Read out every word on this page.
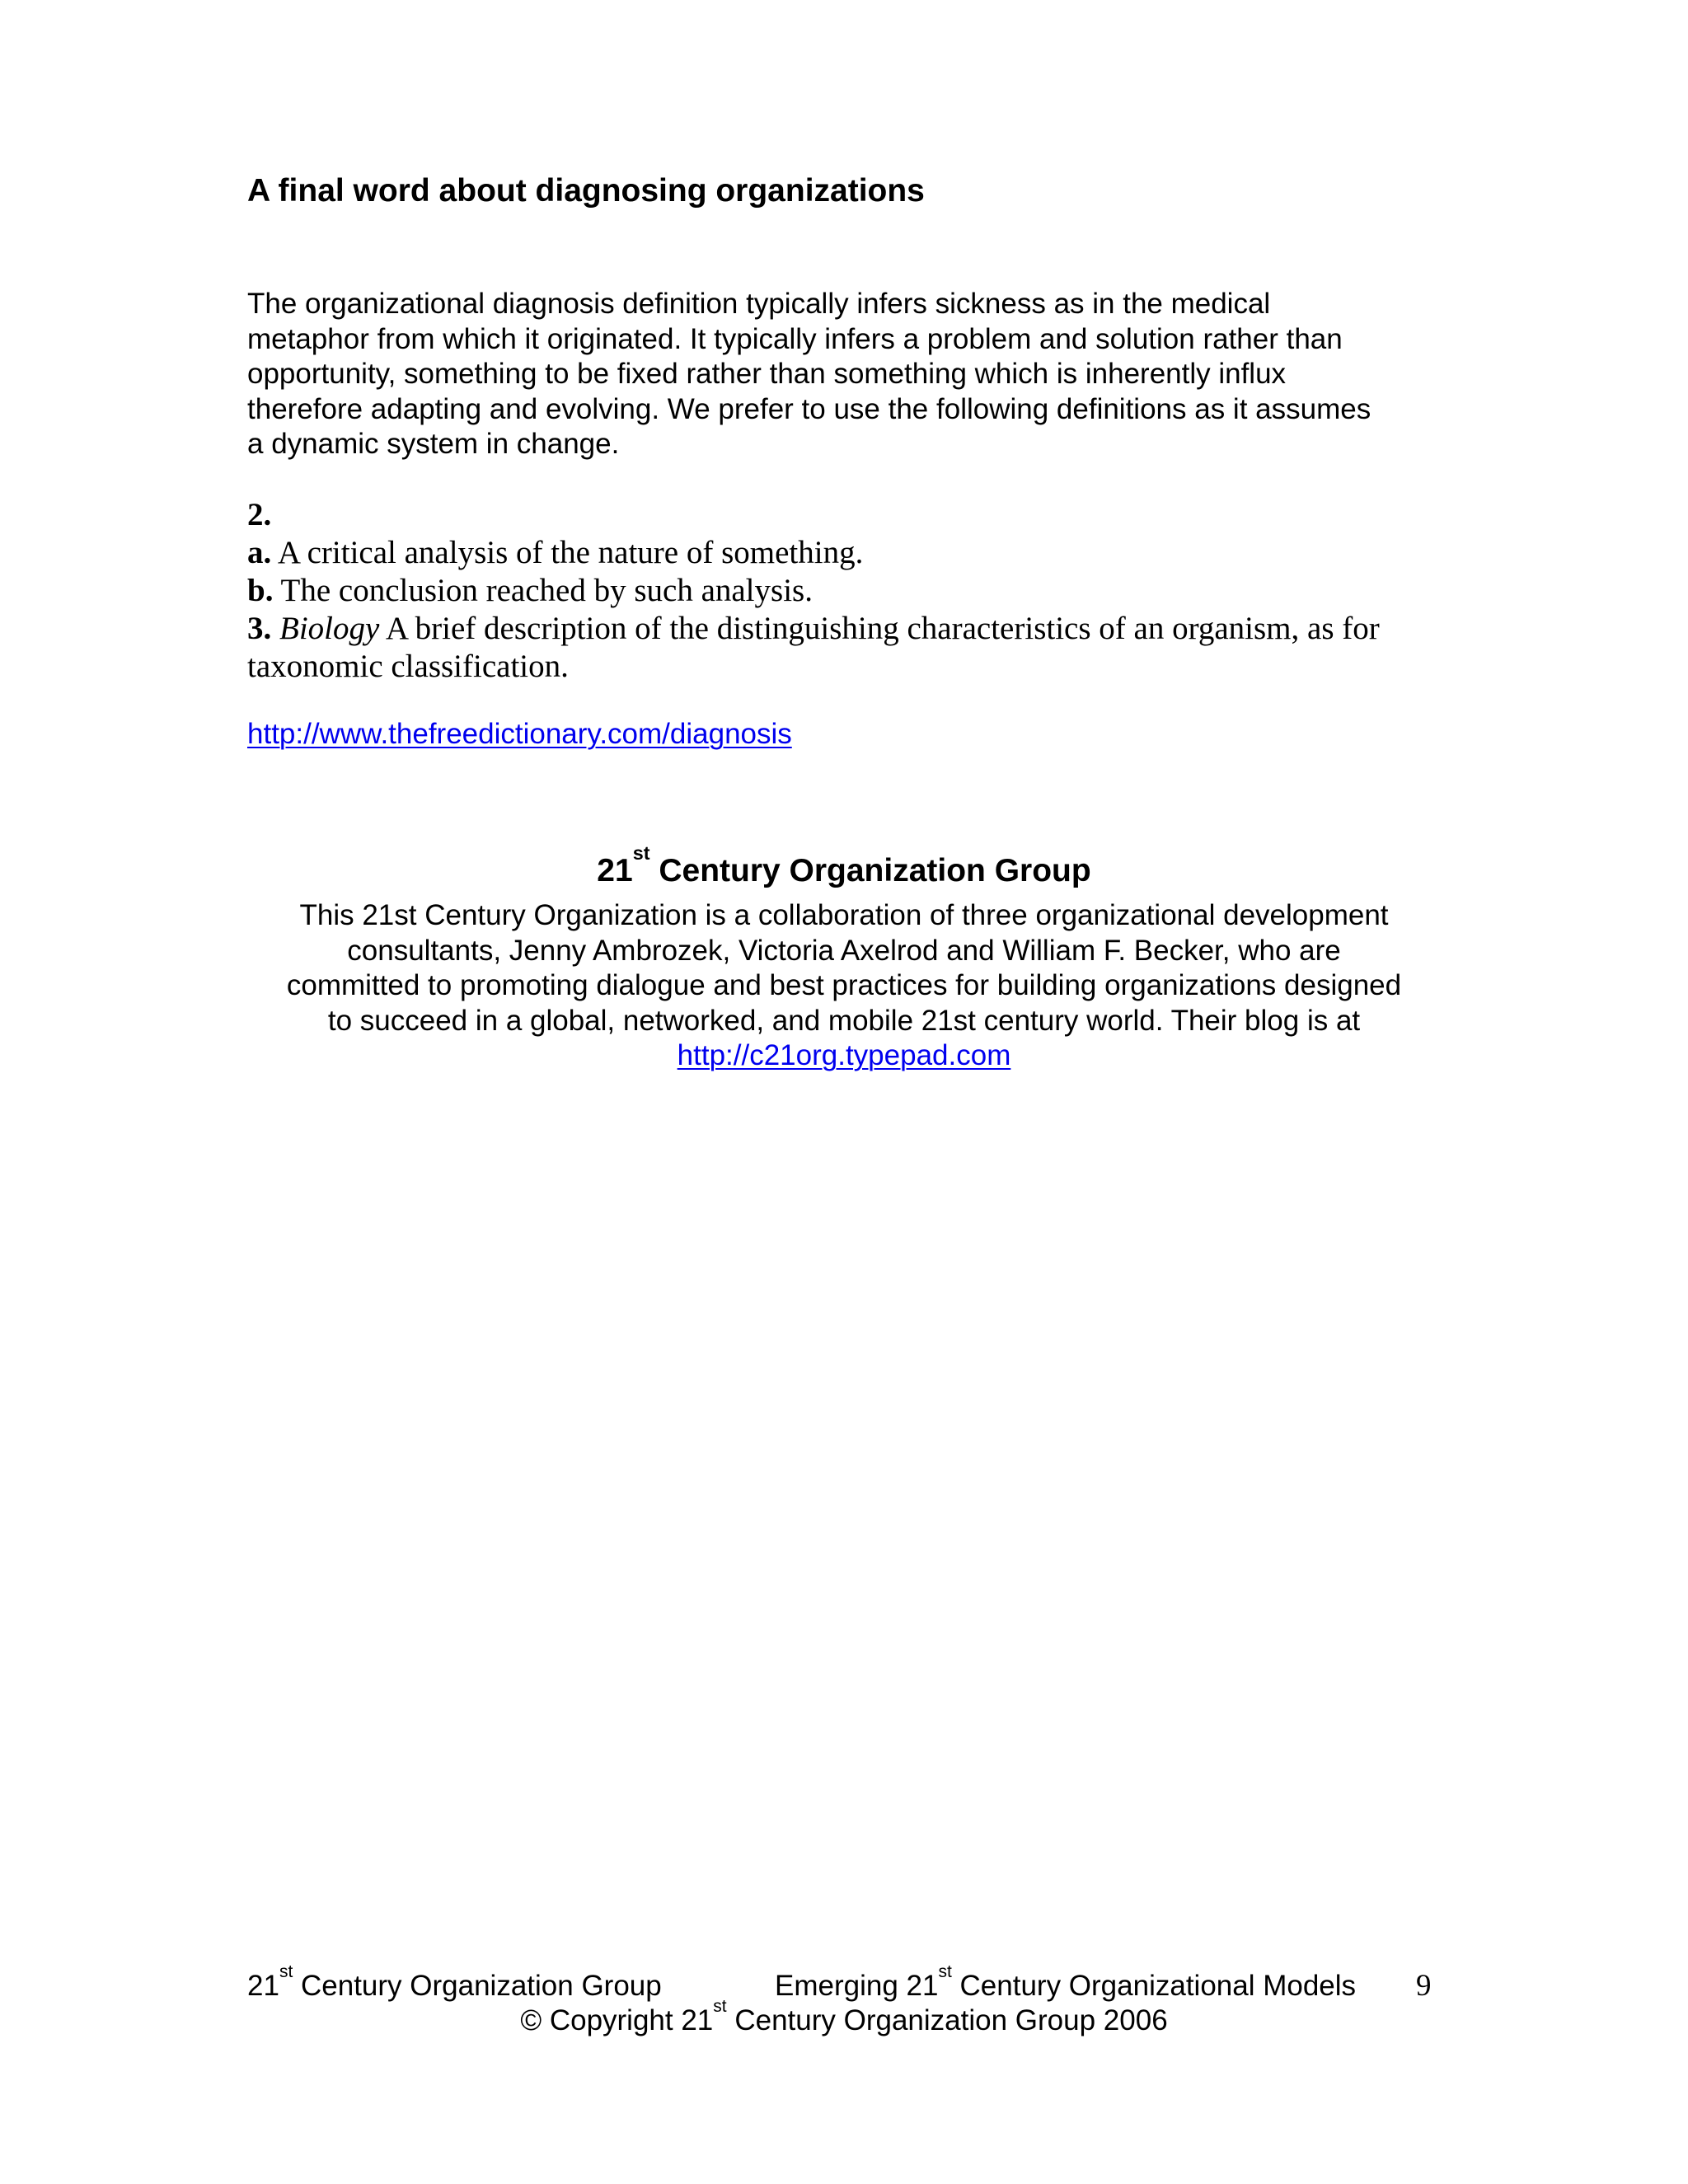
A final word about diagnosing organizations

The organizational diagnosis definition typically infers sickness as in the medical
metaphor from which it originated. It typically infers a problem and solution rather than
opportunity, something to be fixed rather than something which is inherently influx
therefore adapting and evolving. We prefer to use the following definitions as it assumes
a dynamic system in change.

2.
a. A critical analysis of the nature of something.
b. The conclusion reached by such analysis.
3. Biology A brief description of the distinguishing characteristics of an organism, as for
taxonomic classification.
http://www.thefreedictionary.com/diagnosis
21st Century Organization Group

This 21st Century Organization is a collaboration of three organizational development
consultants, Jenny Ambrozek, Victoria Axelrod and William F. Becker, who are
committed to promoting dialogue and best practices for building organizations designed
to succeed in a global, networked, and mobile 21st century world. Their blog is at
http://c21org.typepad.com

21st Century Organization Group	Emerging 21st Century Organizational Models 9
© Copyright 21st Century Organization Group 2006
